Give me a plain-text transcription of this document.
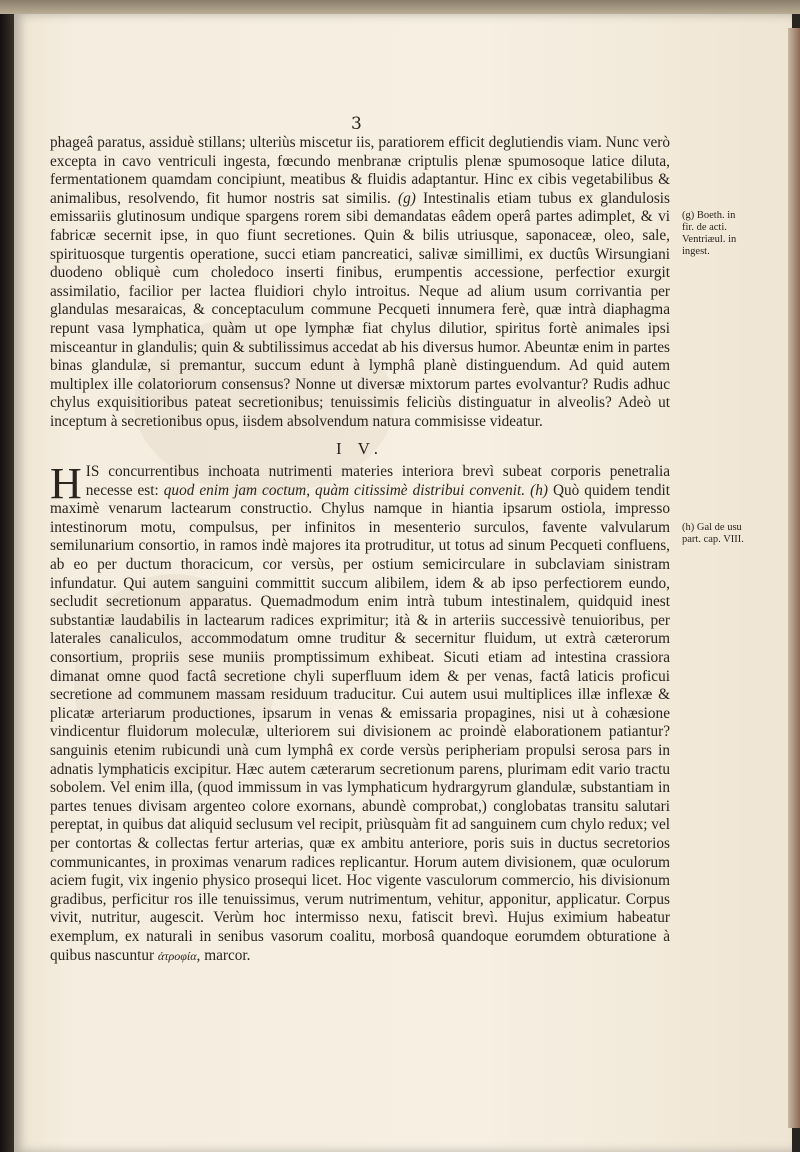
3

phageâ paratus, assiduè stillans; ulteriùs miscetur iis, paratiorem efficit deglutiendis viam. Nunc verò excepta in cavo ventriculi ingesta, fœcundo menbranæ criptulis plenæ spumosoque latice diluta, fermentationem quamdam concipiunt, meatibus & fluidis adaptantur. Hinc ex cibis vegetabilibus & animalibus, resolvendo, fit humor nostris sat similis. (g) Intestinalis etiam tubus ex glandulosis emissariis glutinosum undique spargens rorem sibi demandatas eâdem operâ partes adimplet, & vi fabricæ secernit ipse, in quo fiunt secretiones. Quin & bilis utriusque, saponaceæ, oleo, sale, spirituosque turgentis operatione, succi etiam pancreatici, salivæ simillimi, ex ductûs Wirsungiani duodeno obliquè cum choledoco inserti finibus, erumpentis accessione, perfectior exurgit assimilatio, facilior per lactea fluidiori chylo introitus. Neque ad alium usum corrivantia per glandulas mesaraicas, & conceptaculum commune Pecqueti innumera ferè, quæ intrà diaphagma repunt vasa lymphatica, quàm ut ope lymphæ fiat chylus dilutior, spiritus fortè animales ipsi misceantur in glandulis; quin & subtilissimus accedat ab his diversus humor. Abeuntæ enim in partes binas glandulæ, si premantur, succum edunt à lymphâ planè distinguendum. Ad quid autem multiplex ille colatoriorum consensus? Nonne ut diversæ mixtorum partes evolvantur? Rudis adhuc chylus exquisitioribus pateat secretionibus; tenuissimis feliciùs distinguatur in alveolis? Adeò ut inceptum à secretionibus opus, iisdem absolvendum natura commisisse videatur.

I V.

H IS concurrentibus inchoata nutrimenti materies interiora brevì subeat corporis penetralia necesse est: quod enim jam coctum, quàm citissimè distribui convenit. (h) Quò quidem tendit maximè venarum lactearum constructio. Chylus namque in hiantia ipsarum ostiola, impresso intestinorum motu, compulsus, per infinitos in mesenterio surculos, favente valvularum semilunarium consortio, in ramos indè majores ita protruditur, ut totus ad sinum Pecqueti confluens, ab eo per ductum thoracicum, cor versùs, per ostium semicirculare in subclaviam sinistram infundatur. Qui autem sanguini committit succum alibilem, idem & ab ipso perfectiorem eundo, secludit secretionum apparatus. Quemadmodum enim intrà tubum intestinalem, quidquid inest substantiæ laudabilis in lactearum radices exprimitur; ità & in arteriis successivè tenuioribus, per laterales canaliculos, accommodatum omne truditur & secernitur fluidum, ut extrà cæterorum consortium, propriis sese muniis promptissimum exhibeat. Sicuti etiam ad intestina crassiora dimanat omne quod factâ secretione chyli superfluum idem & per venas, factâ laticis proficui secretione ad communem massam residuum traducitur. Cui autem usui multiplices illæ inflexæ & plicatæ arteriarum productiones, ipsarum in venas & emissaria propagines, nisi ut à cohæsione vindicentur fluidorum moleculæ, ulteriorem sui divisionem ac proindè elaborationem patiantur? sanguinis etenim rubicundi unà cum lymphâ ex corde versùs peripheriam propulsi serosa pars in adnatis lymphaticis excipitur. Hæc autem cæterarum secretionum parens, plurimam edit vario tractu sobolem. Vel enim illa, (quod immissum in vas lymphaticum hydrargyrum glandulæ, substantiam in partes tenues divisam argenteo colore exornans, abundè comprobat,) conglobatas transitu salutari pereptat, in quibus dat aliquid seclusum vel recipit, priùsquàm fit ad sanguinem cum chylo redux; vel per contortas & collectas fertur arterias, quæ ex ambitu anteriore, poris suis in ductus secretorios communicantes, in proximas venarum radices replicantur. Horum autem divisionem, quæ oculorum aciem fugit, vix ingenio physico prosequi licet. Hoc vigente vasculorum commercio, his divisionum gradibus, perficitur ros ille tenuissimus, verum nutrimentum, vehitur, apponitur, applicatur. Corpus vivit, nutritur, augescit. Verùm hoc intermisso nexu, fatiscit brevì. Hujus eximium habeatur exemplum, ex naturali in senibus vasorum coalitu, morbosâ quandoque eorumdem obturatione à quibus nascuntur ἀτροφία, marcor.

(g) Boeth. in fir. de acti. Ventriæul. in ingest.
(h) Gal de usu part. cap. VIII.
